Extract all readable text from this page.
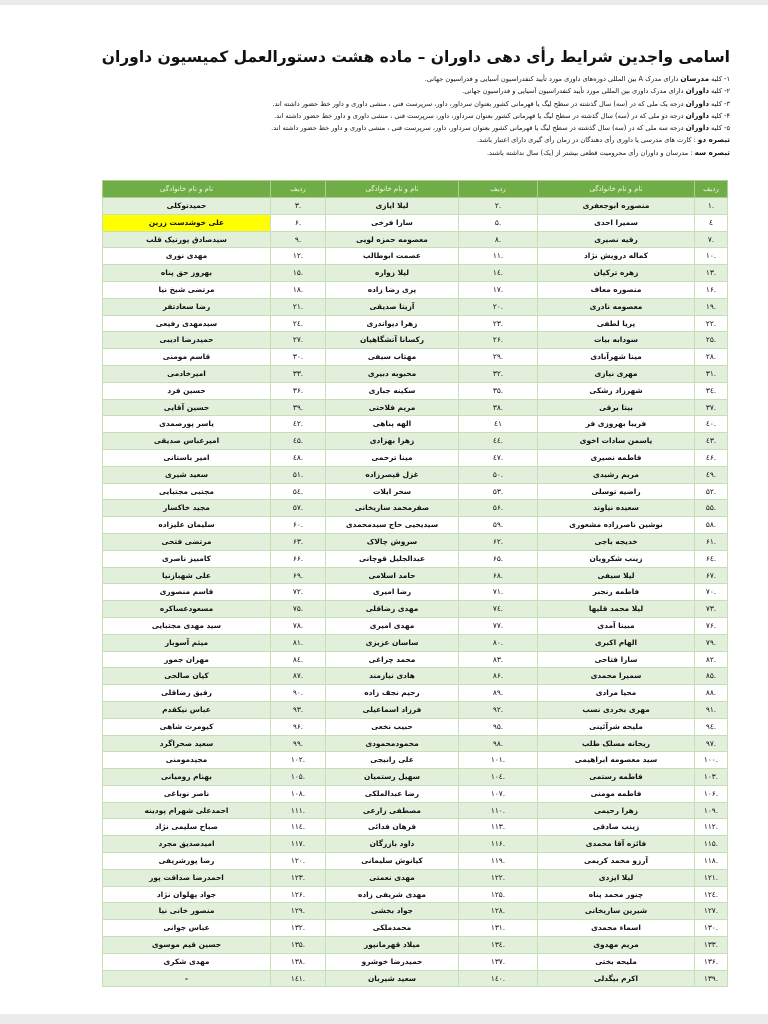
اسامی واجدین شرایط رأی دهی داوران – ماده هشت دستورالعمل کمیسیون داوران
۱- کلیه مدرسان دارای مدرک A بین المللی دوره‌های داوری مورد تأیید کنفدراسیون آسیایی و فدراسیون جهانی.
۲- کلیه داوران دارای مدرک داوری بین المللی مورد تأیید کنفدراسیون آسیایی و فدراسیون جهانی.
۳- کلیه داوران درجه یک ملی که در (سه) سال گذشته در سطح لیگ یا قهرمانی کشور بعنوان سرداور، داور، سرپرست فنی ، منشی داوری و داور خط حضور داشته اند.
۴- کلیه داوران درجه دو ملی که در (سه) سال گذشته در سطح لیگ یا قهرمانی کشور بعنوان سرداور، داور، سرپرست فنی ، منشی داوری و داور خط حضور داشته اند.
۵- کلیه داوران درجه سه ملی که در (سه) سال گذشته در سطح لیگ یا قهرمانی کشور بعنوان سرداور، داور، سرپرست فنی ، منشی داوری و داور خط حضور داشته اند.
تبصره دو : کارت های مدرسی یا داوری رأی دهندگان در زمان رأی گیری دارای اعتبار باشد.
تبصره سه : مدرسان و داوران رأی محرومیت قطعی بیشتر از (یک) سال نداشته باشند.
ردیف	نام و نام خانوادگی	ردیف	نام و نام خانوادگی	ردیف	نام و نام خانوادگی
.۱	منصوره ابوجعفری	.۲	لیلا ایازی	.۳	حمیدتوکلی
٤	سمیرا احدی	.۵	سارا فرخی	.۶	علی خوشدست زرین
.۷	رقیه نصیری	.۸	معصومه حمزه لویی	.۹	سیدصادق پورنیک قلب
.۱۰	کماله درویش نژاد	.۱۱	عصمت ابوطالب	.۱۲	مهدی نوری
.۱۳	زهره ترکیان	.۱٤	لیلا زواره	.۱۵	بهروز حق پناه
.۱۶	منصوره معاف	.۱۷	پری رضا زاده	.۱۸	مرتضی شیخ نیا
.۱۹	معصومه نادری	.۲۰	آزیتا صدیقی	.۲۱	رضا سعادتفر
.۲۲	پریا لطفی	.۲۳	زهرا دیواندری	.۲٤	سیدمهدی رفیعی
.۲۵	سودابه بیات	.۲۶	رکسانا آتشگاهیان	.۲۷	حمیدرضا ادیبی
.۲۸	مینا شهرآبادی	.۲۹	مهتاب سیفی	.۳۰	قاسم مومنی
.۳۱	مهری نیازی	.۳۲	محبوبه دبیری	.۳۳	امیرخادمی
.۳٤	شهرزاد رشکی	.۳۵	سکینه جباری	.۳۶	حسین فرد
.۳۷	بیتا برقی	.۳۸	مریم فلاحتی	.۳۹	حسین آقایی
.٤۰	فریبا بهروزی فر	٤۱	الهه پناهی	.٤۲	یاسر پورصمدی
.٤۳	یاسمن سادات اخوی	.٤٤	زهرا بهزادی	.٤۵	امیرعباس صدیقی
.٤۶	فاطمه نصیری	.٤۷	مینا ترحمی	.٤۸	امیر باستانی
.٤۹	مریم رشیدی	.۵۰	غزل قیصرزاده	.۵۱	سعید شیری
.۵۲	راضیه توسلی	.۵۳	سحر ایلات	.۵٤	مجتبی مجتبایی
.۵۵	سعیده نیاوند	.۵۶	صفرمحمد ساریخانی	.۵۷	مجید خاکسار
.۵۸	نوشین ناصرزاده مشعوری	.۵۹	سیدیحیی حاج سیدمحمدی	.۶۰	سلیمان علیزاده
.۶۱	خدیجه باجی	.۶۲	سروش چالاک	.۶۳	مرتضی فتحی
.۶٤	زینب شکرویان	.۶۵	عبدالجلیل قوچانی	.۶۶	کامبیز ناصری
.۶۷	لیلا سیفی	.۶۸	حامد اسلامی	.۶۹	علی شهبازنیا
.۷۰	فاطمه رنجبر	.۷۱	رضا امیری	.۷۲	قاسم منصوری
.۷۳	لیلا محمد قلیها	.۷٤	مهدی رضاقلی	.۷۵	مسعودعساکره
.۷۶	مبینا آمدی	.۷۷	مهدی امیری	.۷۸	سید مهدی مجتبایی
.۷۹	الهام اکبری	.۸۰	ساسان عزیزی	.۸۱	میثم آسوبار
.۸۲	سارا فتاحی	.۸۳	محمد چراغی	.۸٤	مهران جمور
.۸۵	سمیرا محمدی	.۸۶	هادی نیازمند	.۸۷	کیان صالحی
.۸۸	محیا مرادی	.۸۹	رحیم نجف زاده	.۹۰	رفیق رضاقلی
.۹۱	مهری بخردی نسب	.۹۲	فرزاد اسماعیلی	.۹۳	عباس نیکقدم
.۹٤	ملیحه شرآئینی	.۹۵	حبیب نخعی	.۹۶	کیومرث شاهی
.۹۷	ریحانه مسلک طلب	.۹۸	محمودمحمودی	.۹۹	سعید صحراگرد
.۱۰۰	سید معصومه ابراهیمی	.۱۰۱	علی رانیجی	.۱۰۲	مجیدمومنی
.۱۰۳	فاطمه رستمی	.۱۰٤	سهیل رستمیان	.۱۰۵	بهنام رومیانی
.۱۰۶	فاطمه مومنی	.۱۰۷	رضا عبدالملکی	.۱۰۸	ناصر نوباغی
.۱۰۹	زهرا رحیمی	.۱۱۰	مصطفی زارعی	.۱۱۱	احمدعلی شهرام پودینه
.۱۱۲	زینب صادقی	.۱۱۳	فرهان فدائی	.۱۱٤	صباح سلیمی نژاد
.۱۱۵	فائزه آقا محمدی	.۱۱۶	داود بازرگان	.۱۱۷	امیدصدیق مجرد
.۱۱۸	آرزو محمد کریمی	.۱۱۹	کیانوش سلیمانی	.۱۲۰	رضا پورشریفی
.۱۲۱	لیلا ایزدی	.۱۲۲	مهدی نعمتی	.۱۲۳	احمدرضا صداقت پور
.۱۲٤	چنور محمد پناه	.۱۲۵	مهدی شریفی زاده	.۱۲۶	جواد پهلوان نژاد
.۱۲۷	شیرین ساریخانی	.۱۲۸	جواد بخشی	.۱۲۹	منصور خانی نیا
.۱۳۰	اسماء محمدی	.۱۳۱	محمدملکی	.۱۳۲	عباس جوانی
.۱۳۳	مریم مهدوی	.۱۳٤	میلاد قهرمانپور	.۱۳۵	حسین قیم موسوی
.۱۳۶	ملیحه بختی	.۱۳۷	حمیدرضا خوشرو	.۱۳۸	مهدی شکری
.۱۳۹	اکرم بیگدلی	.۱٤۰	سعید شیربان	.۱٤۱	-
